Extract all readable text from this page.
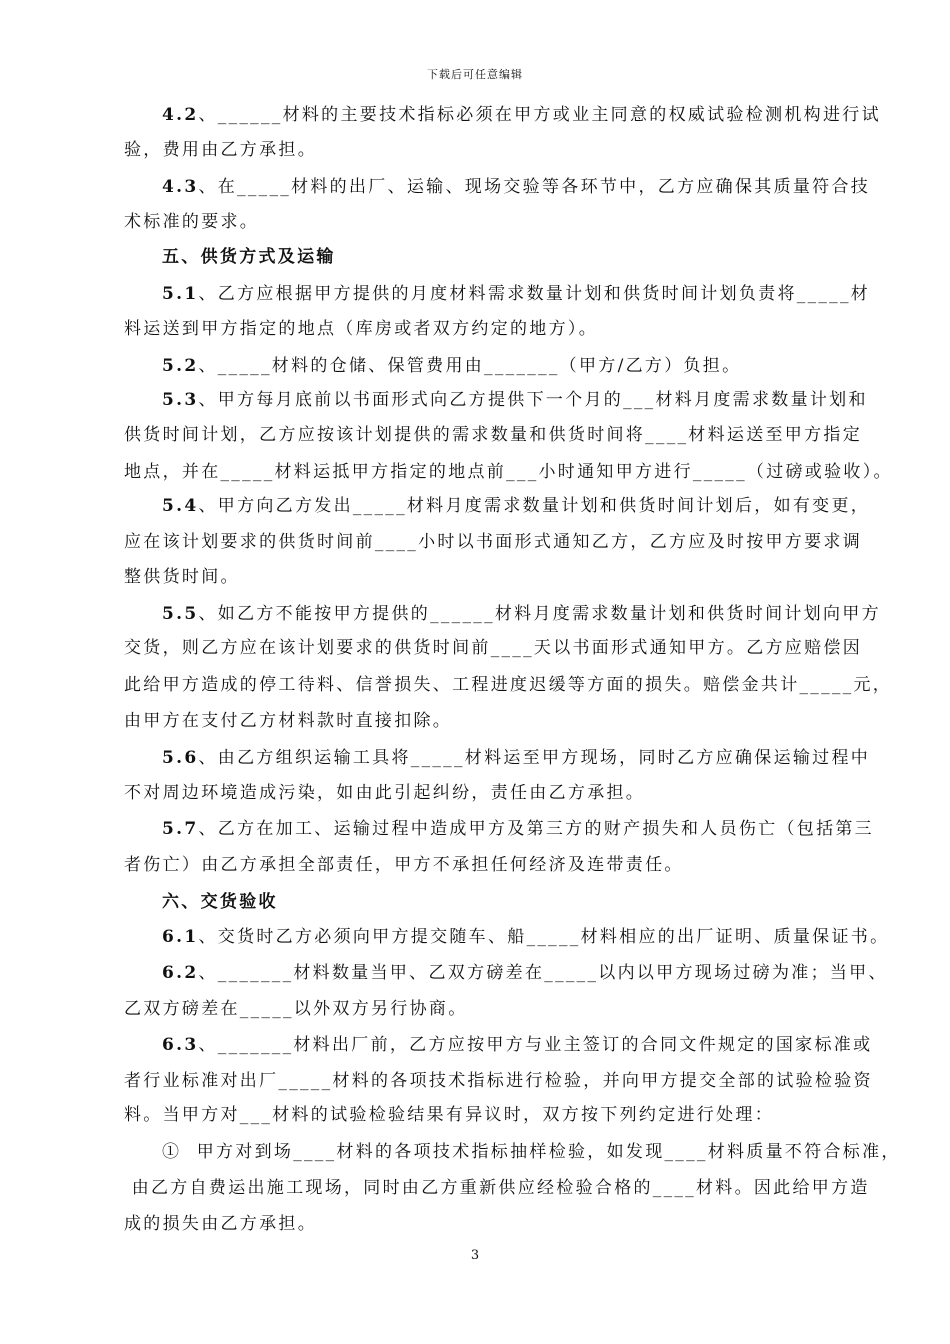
下载后可任意编辑
4.2、______材料的主要技术指标必须在甲方或业主同意的权威试验检测机构进行试
验，费用由乙方承担。
4.3、在_____材料的出厂、运输、现场交验等各环节中，乙方应确保其质量符合技
术标准的要求。
五、供货方式及运输
5.1、乙方应根据甲方提供的月度材料需求数量计划和供货时间计划负责将_____材
料运送到甲方指定的地点（库房或者双方约定的地方）。
5.2、_____材料的仓储、保管费用由_______（甲方/乙方）负担。
5.3、甲方每月底前以书面形式向乙方提供下一个月的___材料月度需求数量计划和
供货时间计划，乙方应按该计划提供的需求数量和供货时间将____材料运送至甲方指定
地点，并在_____材料运抵甲方指定的地点前___小时通知甲方进行_____（过磅或验收）。
5.4、甲方向乙方发出_____材料月度需求数量计划和供货时间计划后，如有变更，
应在该计划要求的供货时间前____小时以书面形式通知乙方，乙方应及时按甲方要求调
整供货时间。
5.5、如乙方不能按甲方提供的______材料月度需求数量计划和供货时间计划向甲方
交货，则乙方应在该计划要求的供货时间前____天以书面形式通知甲方。乙方应赔偿因
此给甲方造成的停工待料、信誉损失、工程进度迟缓等方面的损失。赔偿金共计_____元，
由甲方在支付乙方材料款时直接扣除。
5.6、由乙方组织运输工具将_____材料运至甲方现场，同时乙方应确保运输过程中
不对周边环境造成污染，如由此引起纠纷，责任由乙方承担。
5.7、乙方在加工、运输过程中造成甲方及第三方的财产损失和人员伤亡（包括第三
者伤亡）由乙方承担全部责任，甲方不承担任何经济及连带责任。
六、交货验收
6.1、交货时乙方必须向甲方提交随车、船_____材料相应的出厂证明、质量保证书。
6.2、_______材料数量当甲、乙双方磅差在_____以内以甲方现场过磅为准；当甲、
乙双方磅差在_____以外双方另行协商。
6.3、_______材料出厂前，乙方应按甲方与业主签订的合同文件规定的国家标准或
者行业标准对出厂_____材料的各项技术指标进行检验，并向甲方提交全部的试验检验资
料。当甲方对___材料的试验检验结果有异议时，双方按下列约定进行处理：
①  甲方对到场____材料的各项技术指标抽样检验，如发现____材料质量不符合标准，
由乙方自费运出施工现场，同时由乙方重新供应经检验合格的____材料。因此给甲方造
成的损失由乙方承担。
3
